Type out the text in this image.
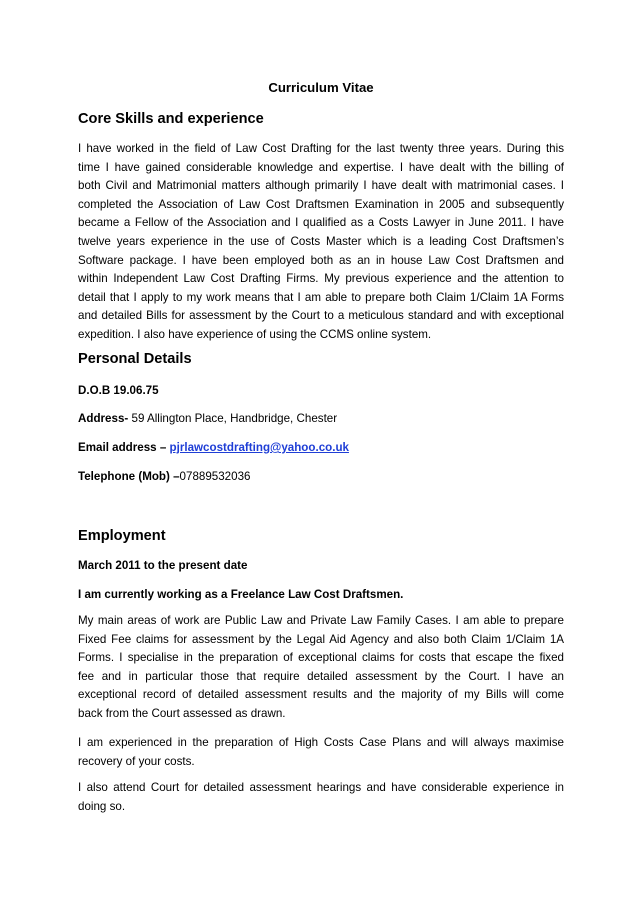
Curriculum Vitae
Core Skills and experience
I have worked in the field of Law Cost Drafting for the last twenty three years. During this
time I have gained considerable knowledge and expertise. I have dealt with the billing of
both Civil and Matrimonial matters although primarily I have dealt with matrimonial cases. I
completed the Association of Law Cost Draftsmen Examination in 2005 and subsequently
became a Fellow of the Association and I qualified as a Costs Lawyer in June 2011. I have
twelve years experience in the use of Costs Master which is a leading Cost Draftsmen’s
Software package. I have been employed both as an in house Law Cost Draftsmen and
within Independent Law Cost Drafting Firms. My previous experience and the attention to
detail that I apply to my work means that I am able to prepare both Claim 1/Claim 1A Forms
and detailed Bills for assessment by the Court to a meticulous standard and with exceptional
expedition. I also have experience of using the CCMS online system.
Personal Details

D.O.B 19.06.75

Address- 59 Allington Place, Handbridge, Chester

Email address – pjrlawcostdrafting@yahoo.co.uk

Telephone (Mob) –07889532036

Employment

March 2011 to the present date

I am currently working as a Freelance Law Cost Draftsmen.

My main areas of work are Public Law and Private Law Family Cases. I am able to prepare
Fixed Fee claims for assessment by the Legal Aid Agency and also both Claim 1/Claim 1A
Forms. I specialise in the preparation of exceptional claims for costs that escape the fixed
fee and in particular those that require detailed assessment by the Court. I have an
exceptional record of detailed assessment results and the majority of my Bills will come
back from the Court assessed as drawn.
I am experienced in the preparation of High Costs Case Plans and will always maximise
recovery of your costs.
I also attend Court for detailed assessment hearings and have considerable experience in
doing so.
